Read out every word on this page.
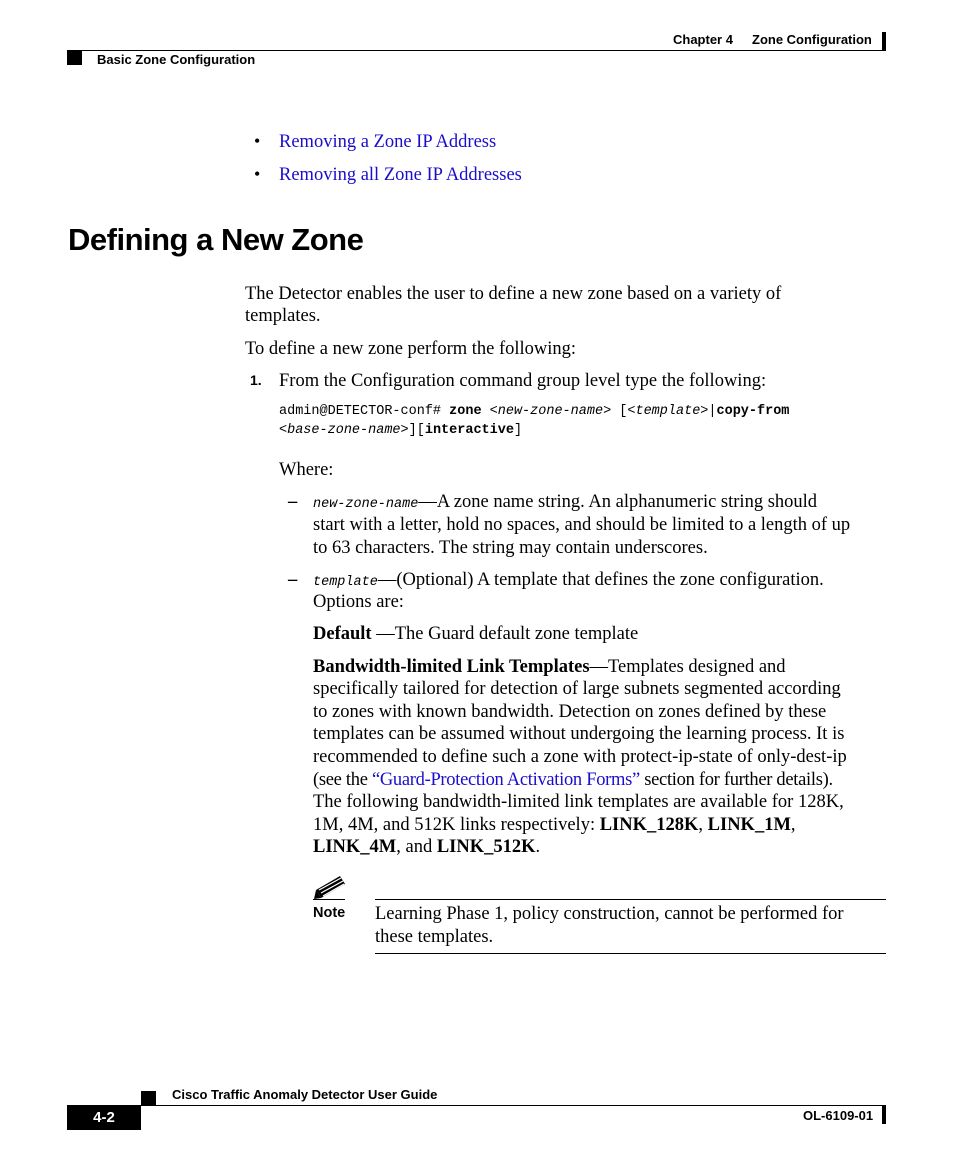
Chapter 4 Zone Configuration
Basic Zone Configuration
• Removing a Zone IP Address
• Removing all Zone IP Addresses
Defining a New Zone
The Detector enables the user to define a new zone based on a variety of
templates.
To define a new zone perform the following:
1. From the Configuration command group level type the following:
admin@DETECTOR-conf# zone <new-zone-name> [<template>|copy-from
<base-zone-name>][interactive]
Where:
– new-zone-name—A zone name string. An alphanumeric string should
start with a letter, hold no spaces, and should be limited to a length of up
to 63 characters. The string may contain underscores.
– template—(Optional) A template that defines the zone configuration.
Options are:
Default —The Guard default zone template
Bandwidth-limited Link Templates—Templates designed and
specifically tailored for detection of large subnets segmented according
to zones with known bandwidth. Detection on zones defined by these
templates can be assumed without undergoing the learning process. It is
recommended to define such a zone with protect-ip-state of only-dest-ip
(see the “Guard-Protection Activation Forms” section for further details).
The following bandwidth-limited link templates are available for 128K,
1M, 4M, and 512K links respectively: LINK_128K, LINK_1M,
LINK_4M, and LINK_512K.
Note Learning Phase 1, policy construction, cannot be performed for
these templates.
Cisco Traffic Anomaly Detector User Guide
4-2	OL-6109-01
